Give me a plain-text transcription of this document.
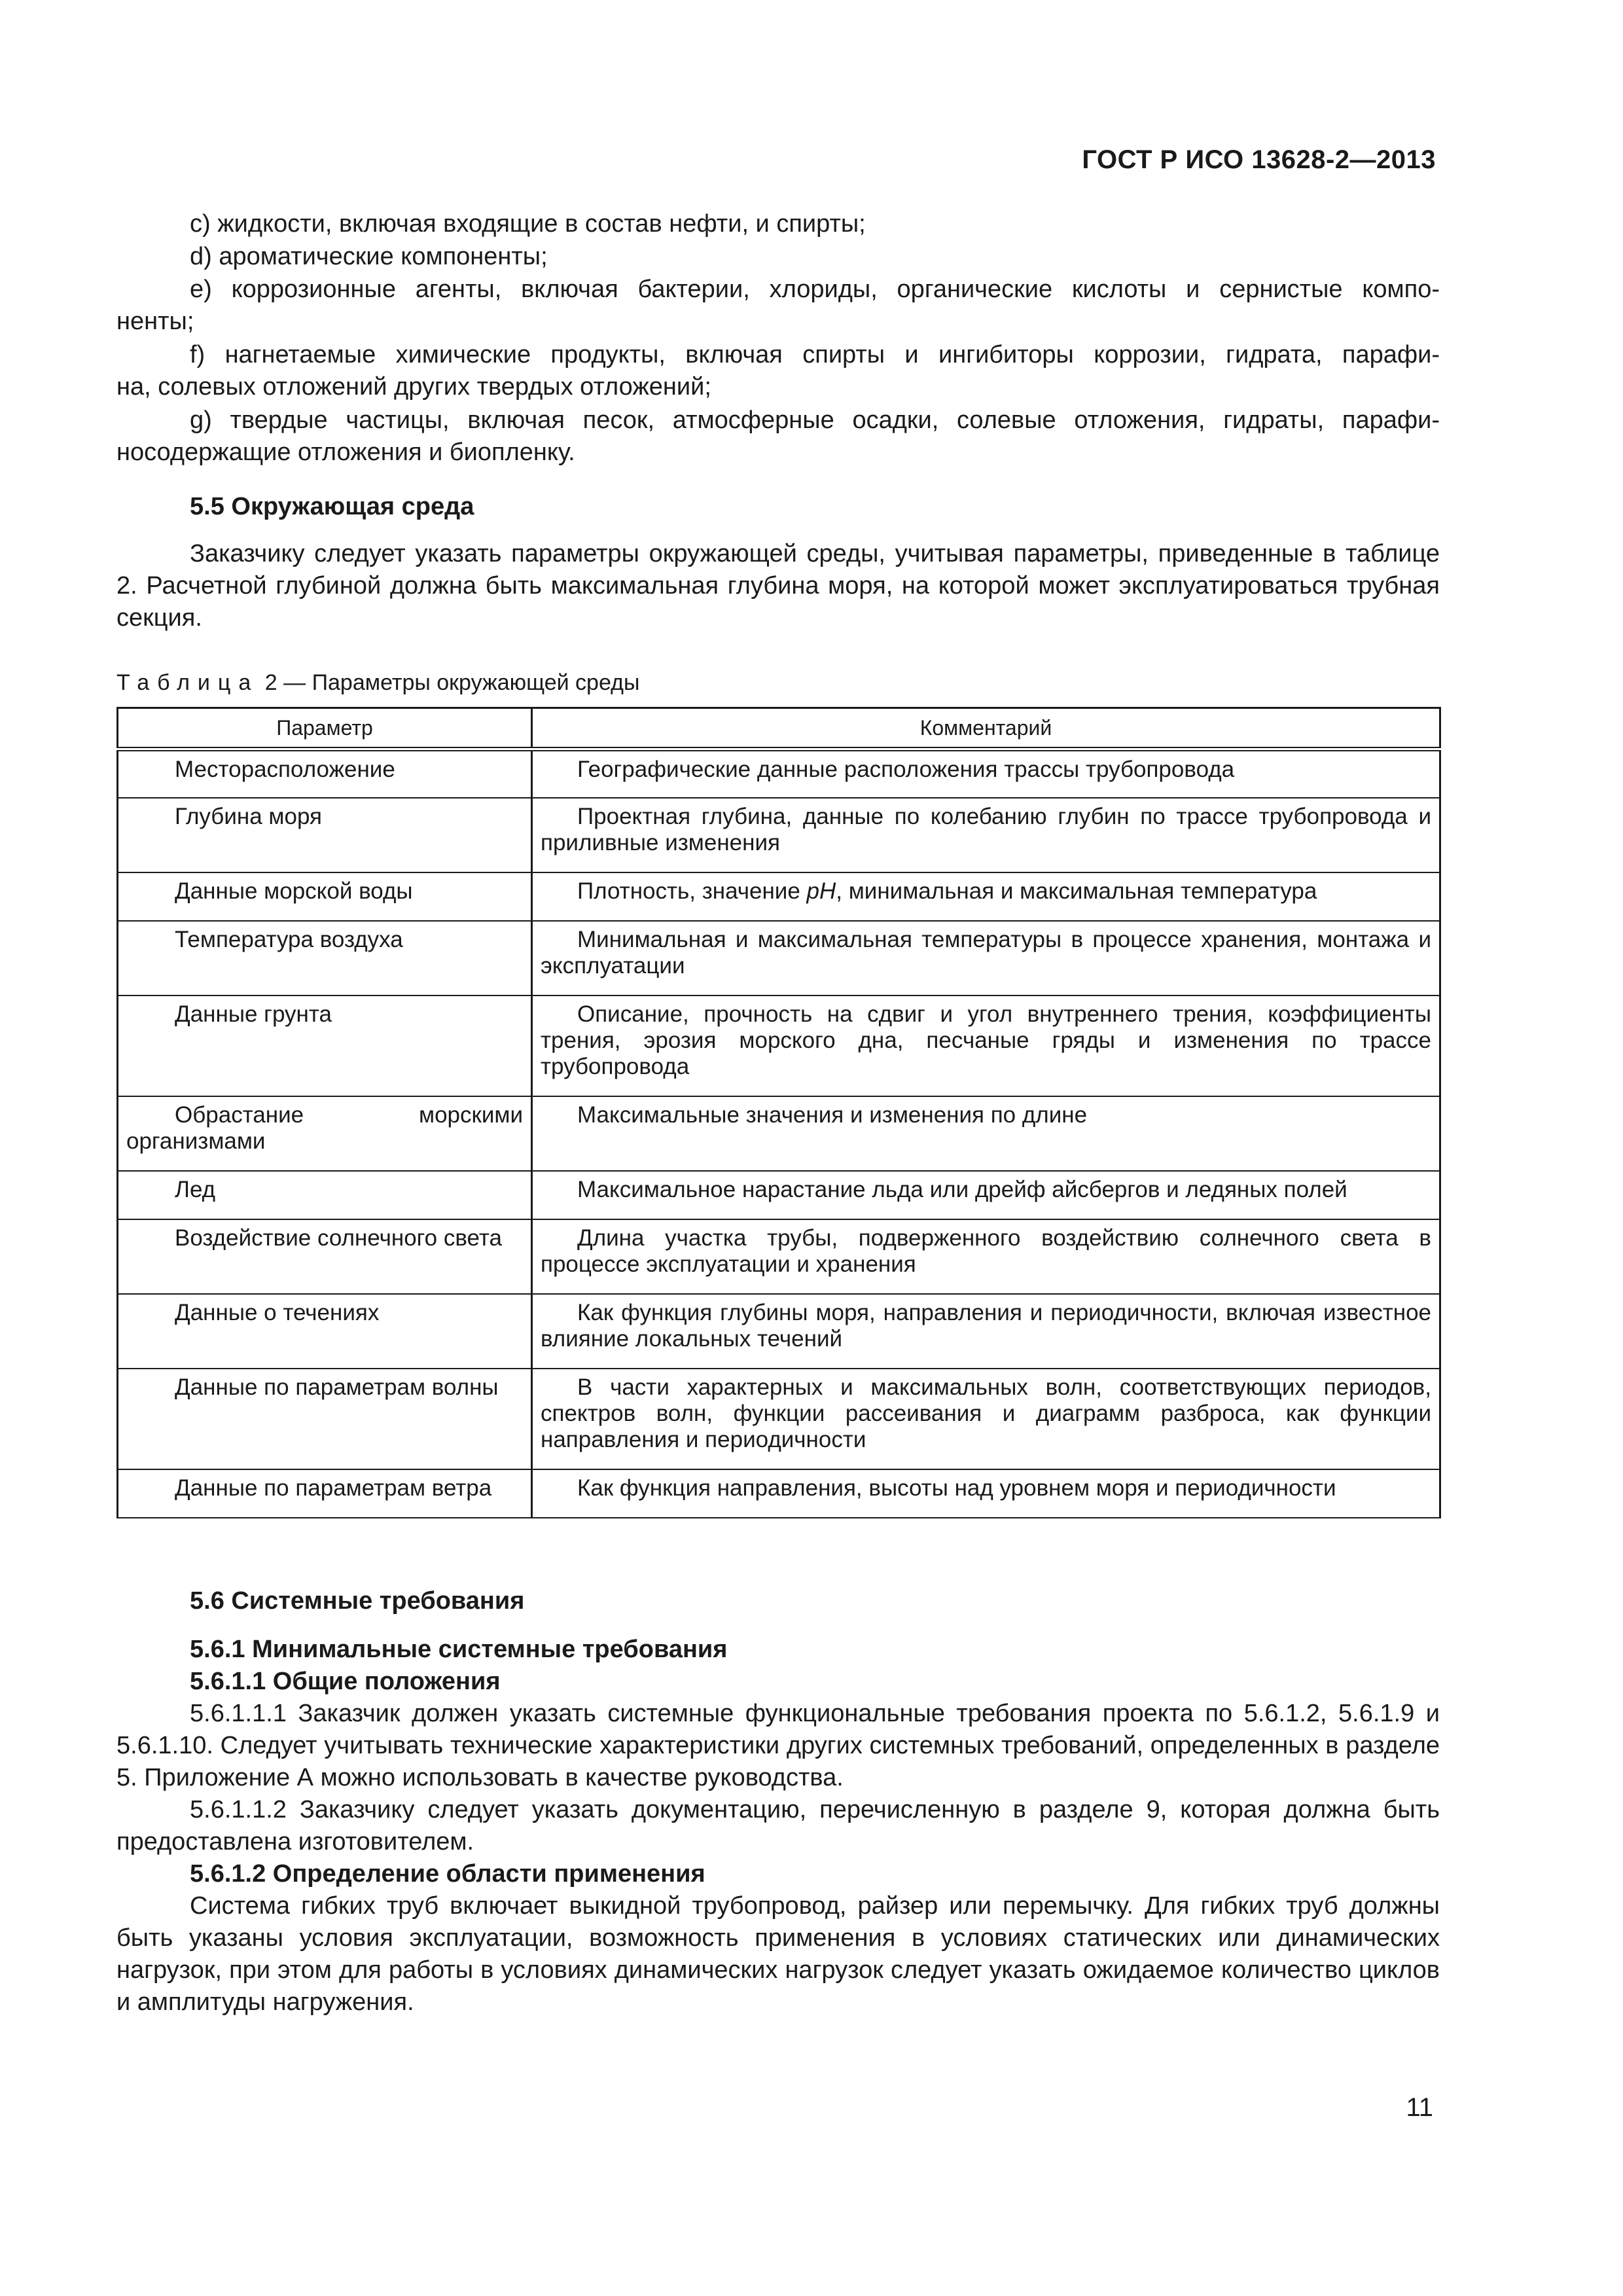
ГОСТ Р ИСО 13628-2—2013
c) жидкости, включая входящие в состав нефти, и спирты;
d) ароматические компоненты;
e) коррозионные агенты, включая бактерии, хлориды, органические кислоты и сернистые компо-
ненты;
f) нагнетаемые химические продукты, включая спирты и ингибиторы коррозии, гидрата, парафи-
на, солевых отложений других твердых отложений;
g) твердые частицы, включая песок, атмосферные осадки, солевые отложения, гидраты, парафи-
носодержащие отложения и биопленку.
5.5 Окружающая среда
Заказчику следует указать параметры окружающей среды, учитывая параметры, приведенные в таблице 2. Расчетной глубиной должна быть максимальная глубина моря, на которой может эксплуатироваться трубная секция.
Таблица 2 — Параметры окружающей среды
Параметр	Комментарий

Месторасположение	Географические данные расположения трассы трубопровода

Глубина моря	Проектная глубина, данные по колебанию глубин по трассе трубопровода и приливные изменения

Данные морской воды	Плотность, значение pH, минимальная и максимальная температура

Температура воздуха	Минимальная и максимальная температуры в процессе хранения, монтажа и эксплуатации

Данные грунта	Описание, прочность на сдвиг и угол внутреннего трения, коэффициенты трения, эрозия морского дна, песчаные гряды и изменения по трассе трубопровода

Обрастание морскими организмами	Максимальные значения и изменения по длине

Лед	Максимальное нарастание льда или дрейф айсбергов и ледяных полей

Воздействие солнечного света	Длина участка трубы, подверженного воздействию солнечного света в процессе эксплуатации и хранения

Данные о течениях	Как функция глубины моря, направления и периодичности, включая известное влияние локальных течений

Данные по параметрам волны	В части характерных и максимальных волн, соответствующих периодов, спектров волн, функции рассеивания и диаграмм разброса, как функции направления и периодичности

Данные по параметрам ветра	Как функция направления, высоты над уровнем моря и периодичности
5.6 Системные требования
5.6.1 Минимальные системные требования
5.6.1.1 Общие положения
5.6.1.1.1 Заказчик должен указать системные функциональные требования проекта по 5.6.1.2, 5.6.1.9 и 5.6.1.10. Следует учитывать технические характеристики других системных требований, определенных в разделе 5. Приложение А можно использовать в качестве руководства.
5.6.1.1.2 Заказчику следует указать документацию, перечисленную в разделе 9, которая должна быть предоставлена изготовителем.
5.6.1.2 Определение области применения
Система гибких труб включает выкидной трубопровод, райзер или перемычку. Для гибких труб должны быть указаны условия эксплуатации, возможность применения в условиях статических или динамических нагрузок, при этом для работы в условиях динамических нагрузок следует указать ожидаемое количество циклов и амплитуды нагружения.
11
